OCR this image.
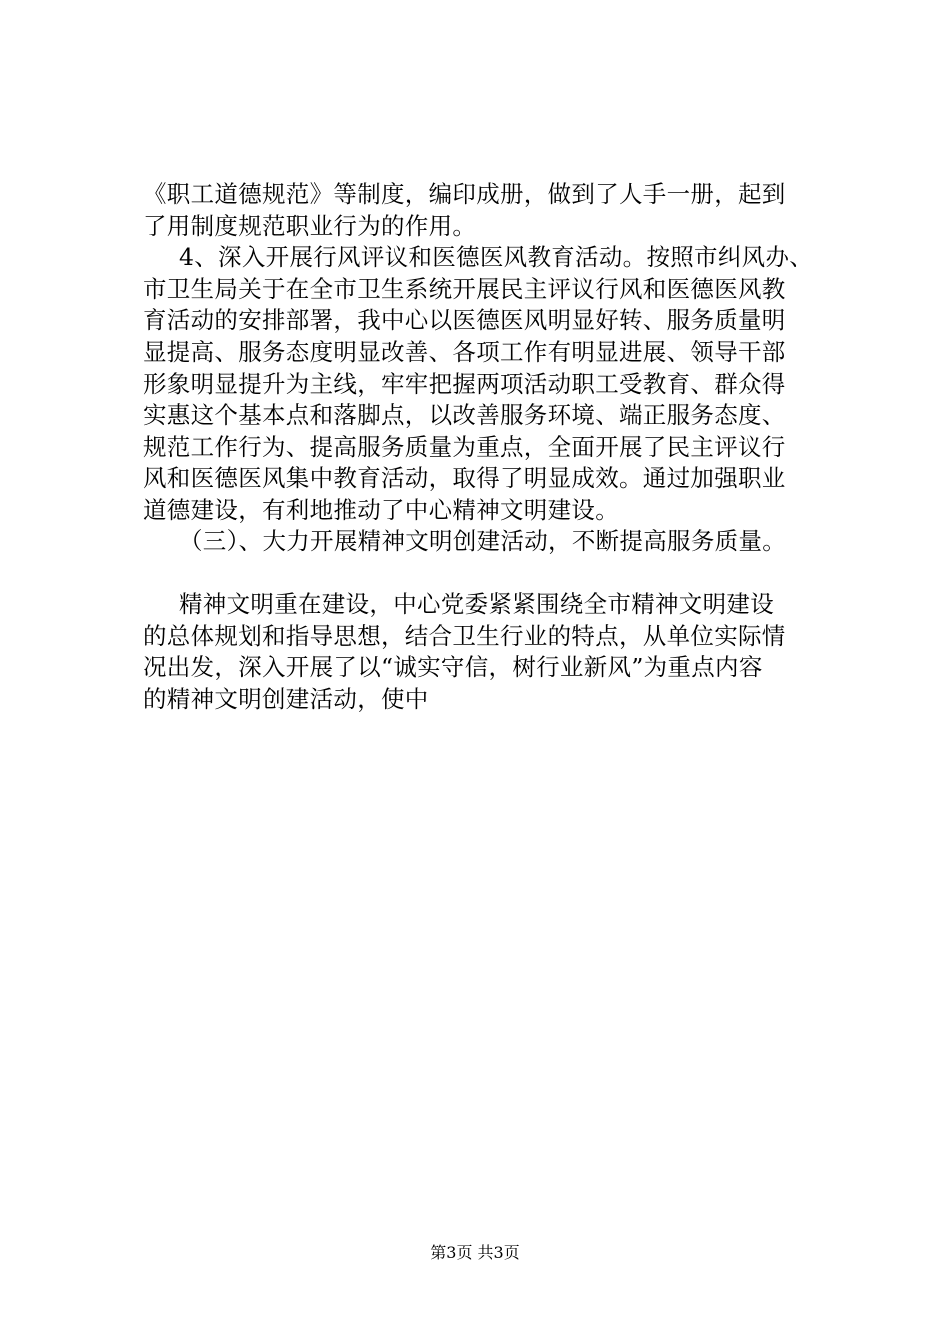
《职工道德规范》等制度，编印成册，做到了人手一册，起到
了用制度规范职业行为的作用。
4、深入开展行风评议和医德医风教育活动。按照市纠风办、
市卫生局关于在全市卫生系统开展民主评议行风和医德医风教
育活动的安排部署，我中心以医德医风明显好转、服务质量明
显提高、服务态度明显改善、各项工作有明显进展、领导干部
形象明显提升为主线，牢牢把握两项活动职工受教育、群众得
实惠这个基本点和落脚点，以改善服务环境、端正服务态度、
规范工作行为、提高服务质量为重点，全面开展了民主评议行
风和医德医风集中教育活动，取得了明显成效。通过加强职业
道德建设，有利地推动了中心精神文明建设。
（三）、大力开展精神文明创建活动，不断提高服务质量。
精神文明重在建设，中心党委紧紧围绕全市精神文明建设
的总体规划和指导思想，结合卫生行业的特点，从单位实际情
况出发，深入开展了以“诚实守信，树行业新风”为重点内容
的精神文明创建活动，使中
第3页 共3页
